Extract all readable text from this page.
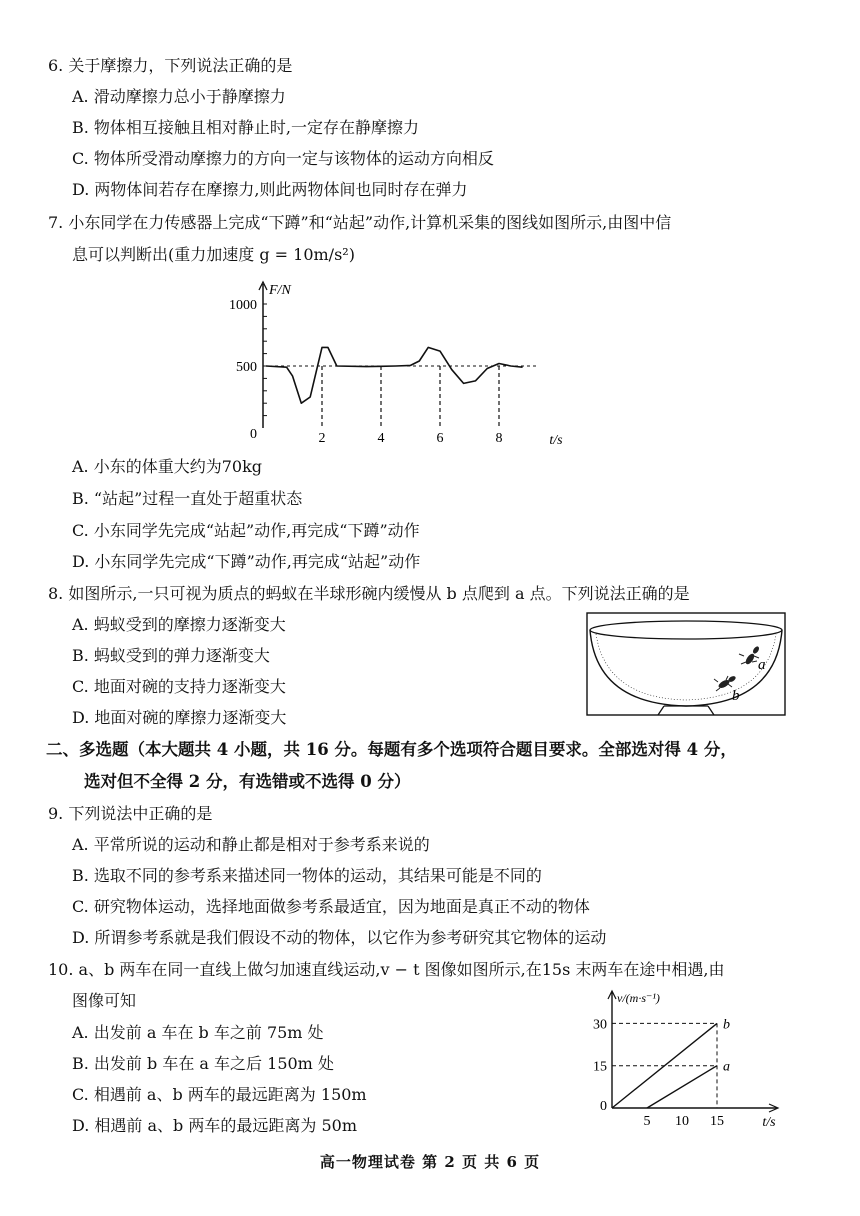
6. 关于摩擦力，下列说法正确的是
A. 滑动摩擦力总小于静摩擦力
B. 物体相互接触且相对静止时,一定存在静摩擦力
C. 物体所受滑动摩擦力的方向一定与该物体的运动方向相反
D. 两物体间若存在摩擦力,则此两物体间也同时存在弹力
7. 小东同学在力传感器上完成“下蹲”和“站起”动作,计算机采集的图线如图所示,由图中信
息可以判断出(重力加速度 g = 10m/s²)
F/N
1000
500
0	2	4	6	8	t/s
A. 小东的体重大约为70kg
B. “站起”过程一直处于超重状态
C. 小东同学先完成“站起”动作,再完成“下蹲”动作
D. 小东同学先完成“下蹲”动作,再完成“站起”动作
8. 如图所示,一只可视为质点的蚂蚁在半球形碗内缓慢从 b 点爬到 a 点。下列说法正确的是
A. 蚂蚁受到的摩擦力逐渐变大
B. 蚂蚁受到的弹力逐渐变大
C. 地面对碗的支持力逐渐变大
D. 地面对碗的摩擦力逐渐变大
a
b
二、多选题（本大题共 4 小题，共 16 分。每题有多个选项符合题目要求。全部选对得 4 分，
选对但不全得 2 分，有选错或不选得 0 分）
9. 下列说法中正确的是
A. 平常所说的运动和静止都是相对于参考系来说的
B. 选取不同的参考系来描述同一物体的运动，其结果可能是不同的
C. 研究物体运动，选择地面做参考系最适宜，因为地面是真正不动的物体
D. 所谓参考系就是我们假设不动的物体，以它作为参考研究其它物体的运动
10. a、b 两车在同一直线上做匀加速直线运动,v − t 图像如图所示,在15s 末两车在途中相遇,由
图像可知
A. 出发前 a 车在 b 车之前 75m 处
B. 出发前 b 车在 a 车之后 150m 处
C. 相遇前 a、b 两车的最远距离为 150m
D. 相遇前 a、b 两车的最远距离为 50m
b
a
v/(m·s⁻¹)
30
15
0
5 10 15	t/s
高一物理试卷 第 2 页 共 6 页
